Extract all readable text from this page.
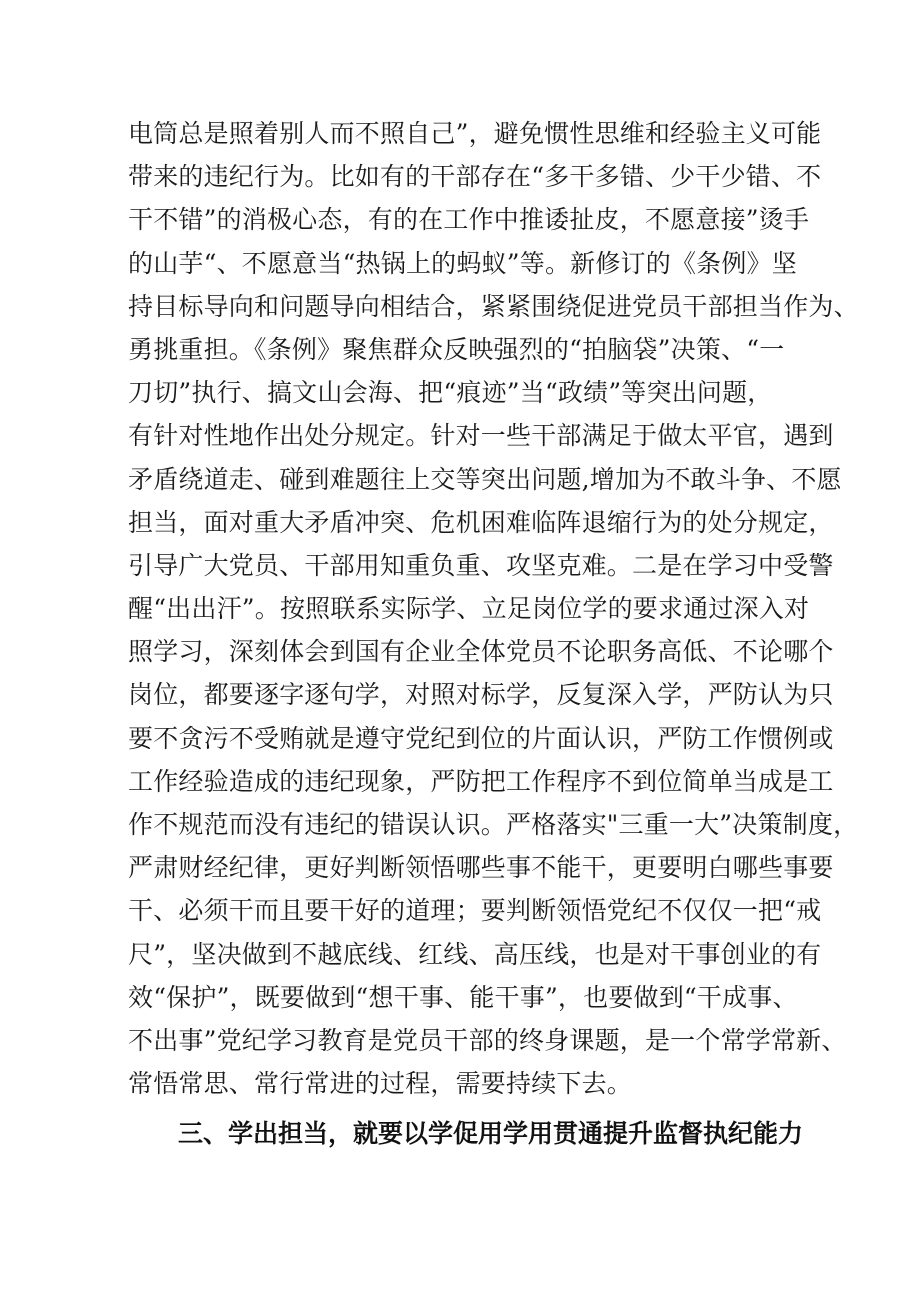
电筒总是照着别人而不照自己”，避免惯性思维和经验主义可能
带来的违纪行为。比如有的干部存在“多干多错、少干少错、不
干不错”的消极心态，有的在工作中推诿扯皮，不愿意接”烫手
的山芋“、不愿意当“热锅上的蚂蚁”等。新修订的《条例》坚
持目标导向和问题导向相结合，紧紧围绕促进党员干部担当作为、
勇挑重担。《条例》聚焦群众反映强烈的“拍脑袋”决策、“一
刀切”执行、搞文山会海、把“痕迹”当“政绩”等突出问题，
有针对性地作出处分规定。针对一些干部满足于做太平官，遇到
矛盾绕道走、碰到难题往上交等突出问题,增加为不敢斗争、不愿
担当，面对重大矛盾冲突、危机困难临阵退缩行为的处分规定，
引导广大党员、干部用知重负重、攻坚克难。二是在学习中受警
醒“出出汗”。按照联系实际学、立足岗位学的要求通过深入对
照学习，深刻体会到国有企业全体党员不论职务高低、不论哪个
岗位，都要逐字逐句学，对照对标学，反复深入学，严防认为只
要不贪污不受贿就是遵守党纪到位的片面认识，严防工作惯例或
工作经验造成的违纪现象，严防把工作程序不到位简单当成是工
作不规范而没有违纪的错误认识。严格落实"三重一大”决策制度，
严肃财经纪律，更好判断领悟哪些事不能干，更要明白哪些事要
干、必须干而且要干好的道理；要判断领悟党纪不仅仅一把“戒
尺”，坚决做到不越底线、红线、高压线，也是对干事创业的有
效“保护”，既要做到“想干事、能干事”，也要做到“干成事、
不出事”党纪学习教育是党员干部的终身课题，是一个常学常新、
常悟常思、常行常进的过程，需要持续下去。
三、学出担当，就要以学促用学用贯通提升监督执纪能力
